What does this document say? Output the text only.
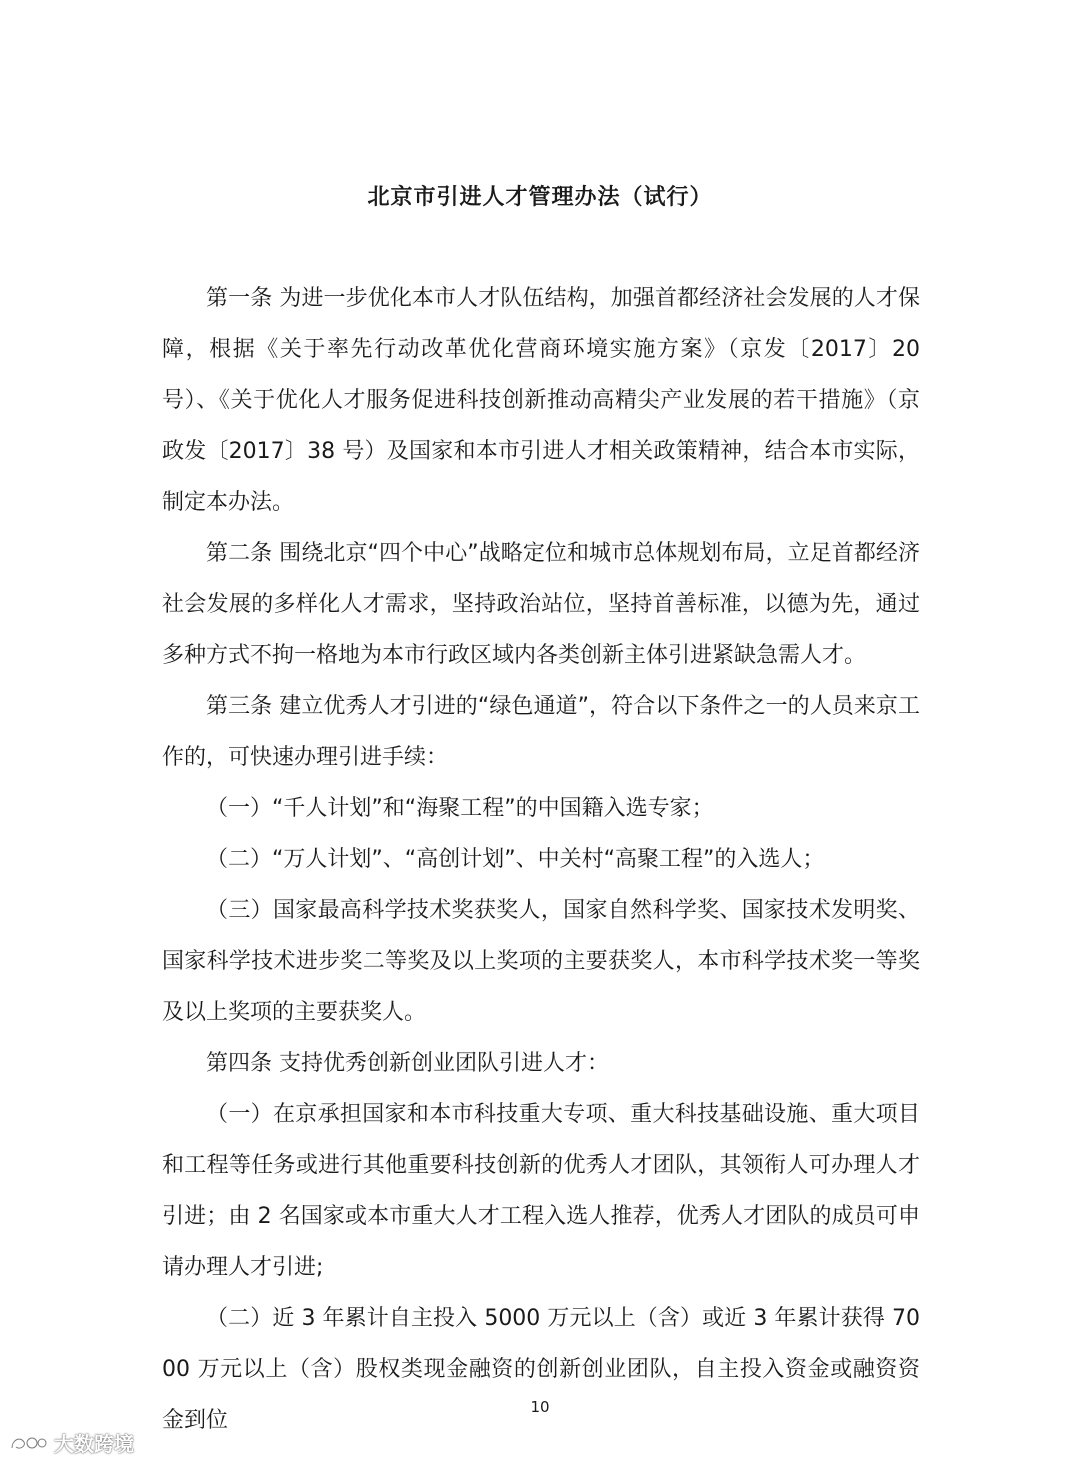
北京市引进人才管理办法（试行）

第一条 为进一步优化本市人才队伍结构，加强首都经济社会发展的人才保障，根据《关于率先行动改革优化营商环境实施方案》（京发〔2017〕20 号）、《关于优化人才服务促进科技创新推动高精尖产业发展的若干措施》（京政发〔2017〕38 号）及国家和本市引进人才相关政策精神，结合本市实际，制定本办法。

第二条 围绕北京“四个中心”战略定位和城市总体规划布局，立足首都经济社会发展的多样化人才需求，坚持政治站位，坚持首善标准，以德为先，通过多种方式不拘一格地为本市行政区域内各类创新主体引进紧缺急需人才。

第三条 建立优秀人才引进的“绿色通道”，符合以下条件之一的人员来京工作的，可快速办理引进手续：

（一）“千人计划”和“海聚工程”的中国籍入选专家；

（二）“万人计划”、“高创计划”、中关村“高聚工程”的入选人；

（三）国家最高科学技术奖获奖人，国家自然科学奖、国家技术发明奖、国家科学技术进步奖二等奖及以上奖项的主要获奖人，本市科学技术奖一等奖及以上奖项的主要获奖人。

第四条 支持优秀创新创业团队引进人才：

（一）在京承担国家和本市科技重大专项、重大科技基础设施、重大项目和工程等任务或进行其他重要科技创新的优秀人才团队，其领衔人可办理人才引进；由 2 名国家或本市重大人才工程入选人推荐，优秀人才团队的成员可申请办理人才引进;

（二）近 3 年累计自主投入 5000 万元以上（含）或近 3 年累计获得 7000 万元以上（含）股权类现金融资的创新创业团队，自主投入资金或融资资金到位

10
大数跨境
